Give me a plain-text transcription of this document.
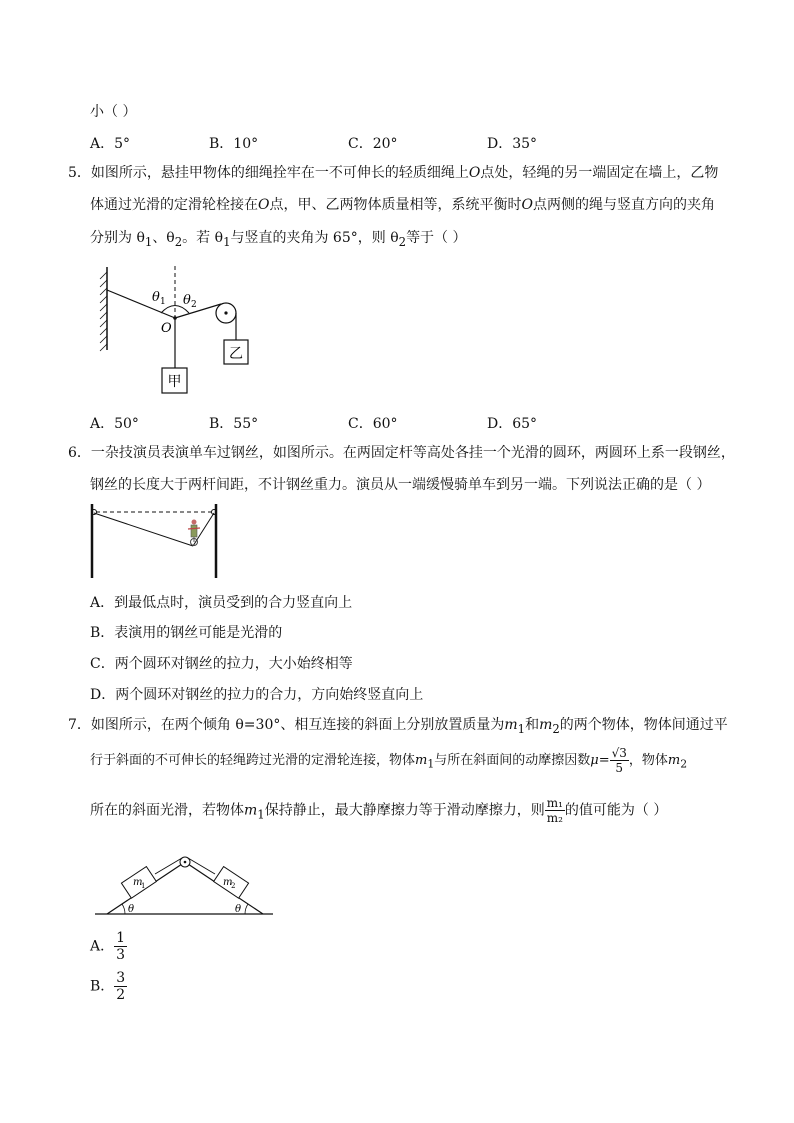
小（ ）
A．5°	B．10°	C．20°	D．35°
5．如图所示，悬挂甲物体的细绳拴牢在一不可伸长的轻质细绳上O点处，轻绳的另一端固定在墙上，乙物
体通过光滑的定滑轮栓接在O点，甲、乙两物体质量相等，系统平衡时O点两侧的绳与竖直方向的夹角
分别为 $\theta_1$、$\theta_2$。若 $\theta_1$与竖直的夹角为 65°，则 $\theta_2$等于（ ）
甲
乙
θ 1 θ 2
O
A．50°	B．55°	C．60°	D．65°
6．一杂技演员表演单车过钢丝，如图所示。在两固定杆等高处各挂一个光滑的圆环，两圆环上系一段钢丝，
钢丝的长度大于两杆间距，不计钢丝重力。演员从一端缓慢骑单车到另一端。下列说法正确的是（ ）
A．到最低点时，演员受到的合力竖直向上
B．表演用的钢丝可能是光滑的
C．两个圆环对钢丝的拉力，大小始终相等
D．两个圆环对钢丝的拉力的合力，方向始终竖直向上
7．如图所示，在两个倾角 θ=30°、相互连接的斜面上分别放置质量为$m_1$和$m_2$的两个物体，物体间通过平
行于斜面的不可伸长的轻绳跨过光滑的定滑轮连接，物体$m_1$与所在斜面间的动摩擦因数$\mu= \frac{√3}{5}$ ，物体$m_2$
所在的斜面光滑，若物体$m_1$保持静止，最大静摩擦力等于滑动摩擦力，则 $\frac{\text{m₁}}{\text{m₂}}$ 的值可能为（ ）
m
1	m
2
θ	θ
A． $\frac{1}{3}$
B． $\frac{3}{2}$
